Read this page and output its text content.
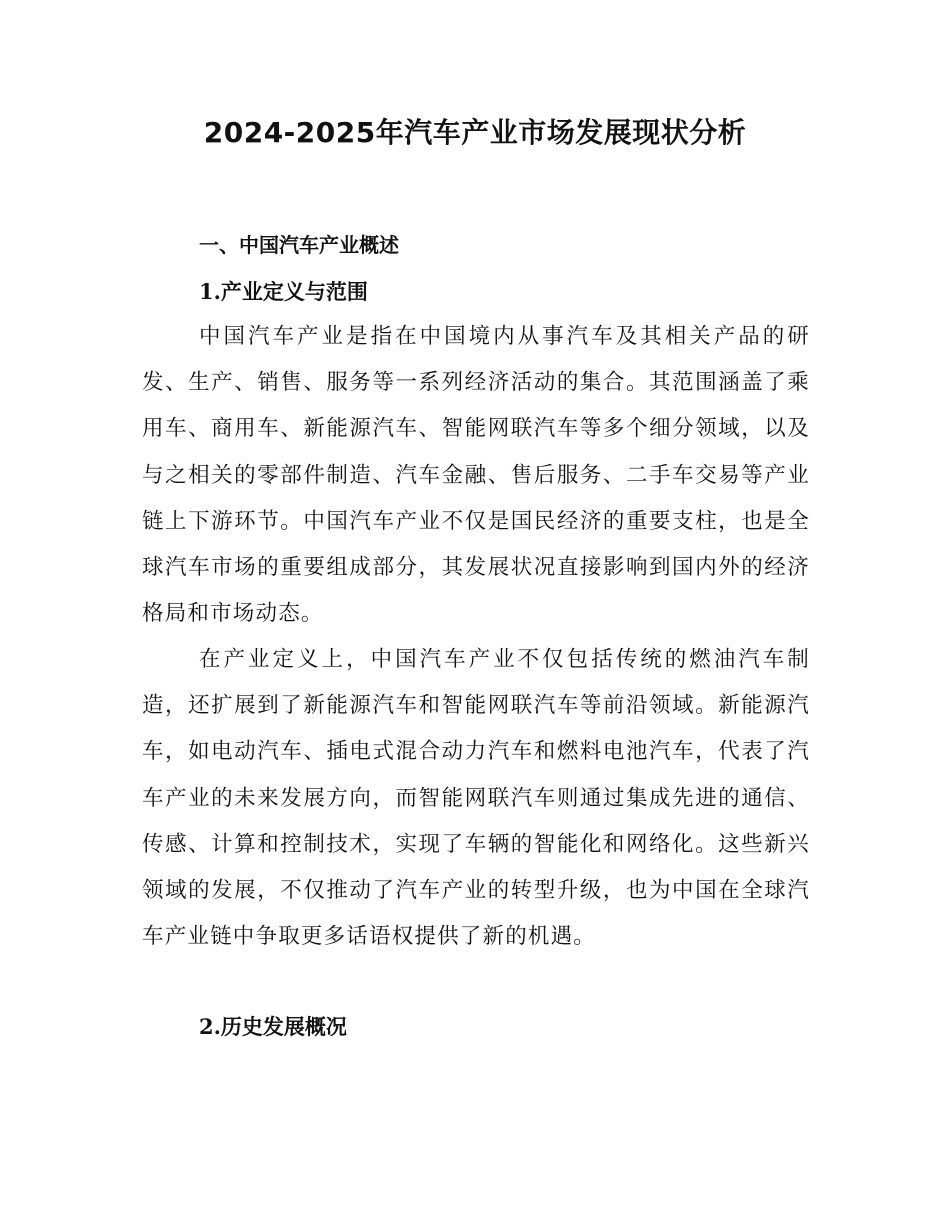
2024-2025年汽车产业市场发展现状分析
一、中国汽车产业概述
1.产业定义与范围

中国汽车产业是指在中国境内从事汽车及其相关产品的研发、生产、销售、服务等一系列经济活动的集合。其范围涵盖了乘用车、商用车、新能源汽车、智能网联汽车等多个细分领域，以及与之相关的零部件制造、汽车金融、售后服务、二手车交易等产业链上下游环节。中国汽车产业不仅是国民经济的重要支柱，也是全球汽车市场的重要组成部分，其发展状况直接影响到国内外的经济格局和市场动态。

在产业定义上，中国汽车产业不仅包括传统的燃油汽车制造，还扩展到了新能源汽车和智能网联汽车等前沿领域。新能源汽车，如电动汽车、插电式混合动力汽车和燃料电池汽车，代表了汽车产业的未来发展方向，而智能网联汽车则通过集成先进的通信、传感、计算和控制技术，实现了车辆的智能化和网络化。这些新兴领域的发展，不仅推动了汽车产业的转型升级，也为中国在全球汽车产业链中争取更多话语权提供了新的机遇。

2.历史发展概况
